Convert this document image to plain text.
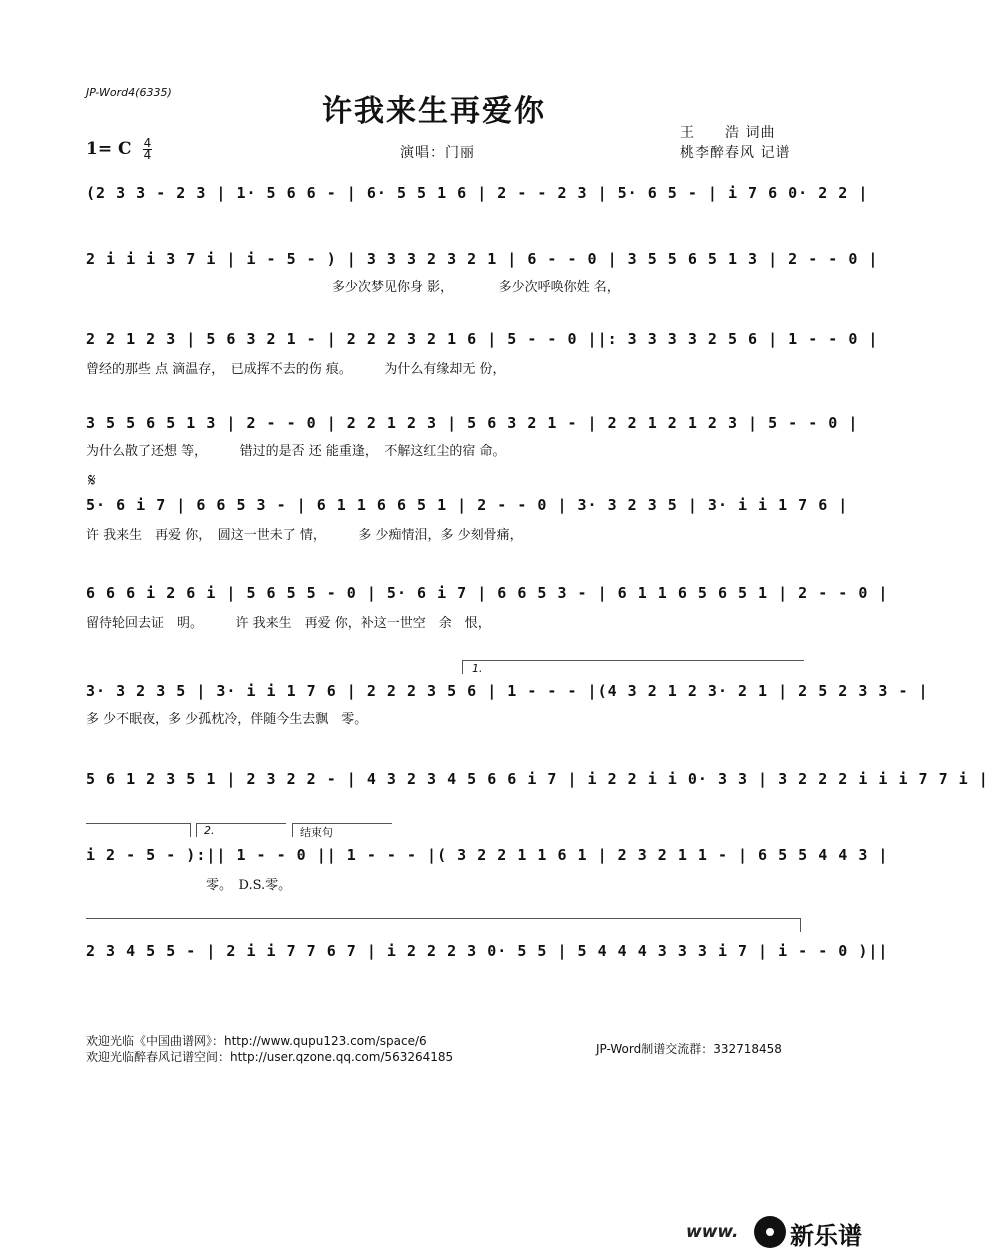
JP-Word4(6335)
许我来生再爱你
王　　浩 词曲
桃李醉春风 记谱
演唱：门丽
1= C $\frac{4}{4}$
(2 3 3 - 2 3 | 1· 5 6 6 - | 6· 5 5 1 6 | 2 - - 2 3 | 5· 6 5 - | i 7 6 0· 2 2 |
2 i i i 3 7 i | i - 5 - ) | 3 3 3 2 3 2 1 | 6 - - 0 | 3 5 5 6 5 1 3 | 2 - - 0 |
多少次梦见你身 影，　　　　多少次呼唤你姓 名，
2 2 1 2 3 | 5 6 3 2 1 - | 2 2 2 3 2 1 6 | 5 - - 0 ||: 3 3 3 3 2 5 6 | 1 - - 0 |
曾经的那些 点 滴温存，　已成挥不去的伤 痕。　　　为什么有缘却无 份，
3 5 5 6 5 1 3 | 2 - - 0 | 2 2 1 2 3 | 5 6 3 2 1 - | 2 2 1 2 1 2 3 | 5 - - 0 |
为什么散了还想 等，　　　错过的是否 还 能重逢，　不解这红尘的宿 命。
𝄋
5· 6 i 7 | 6 6 5 3 - | 6 1 1 6 6 5 1 | 2 - - 0 | 3· 3 2 3 5 | 3· i i 1 7 6 |
许 我来生　再爱 你，　圆这一世未了 情，　　　多 少痴情泪，多 少刻骨痛，
6 6 6 i 2 6 i | 5 6 5 5 - 0 | 5· 6 i 7 | 6 6 5 3 - | 6 1 1 6 5 6 5 1 | 2 - - 0 |
留待轮回去证　明。　　　许 我来生　再爱 你，补这一世空　余　恨，
1.
3· 3 2 3 5 | 3· i i 1 7 6 | 2 2 2 3 5 6 | 1 - - - |(4 3 2 1 2 3· 2 1 | 2 5 2 3 3 - |
多 少不眠夜，多 少孤枕冷，伴随今生去飘　零。
5 6 1 2 3 5 1 | 2 3 2 2 - | 4 3 2 3 4 5 6 6 i 7 | i 2 2 i i 0· 3 3 | 3 2 2 2 i i i 7 7 i |
2.	结束句
i 2 - 5 - ):|| 1 - - 0 || 1 - - - |( 3 2 2 1 1 6 1 | 2 3 2 1 1 - | 6 5 5 4 4 3 |
零。　D.S.零。
2 3 4 5 5 - | 2 i i 7 7 6 7 | i 2 2 2 3 0· 5 5 | 5 4 4 4 3 3 3 i 7 | i - - 0 )||
欢迎光临《中国曲谱网》：http://www.qupu123.com/space/6
欢迎光临醉春风记谱空间：http://user.qzone.qq.com/563264185
JP-Word制谱交流群：332718458
www. 新乐谱
